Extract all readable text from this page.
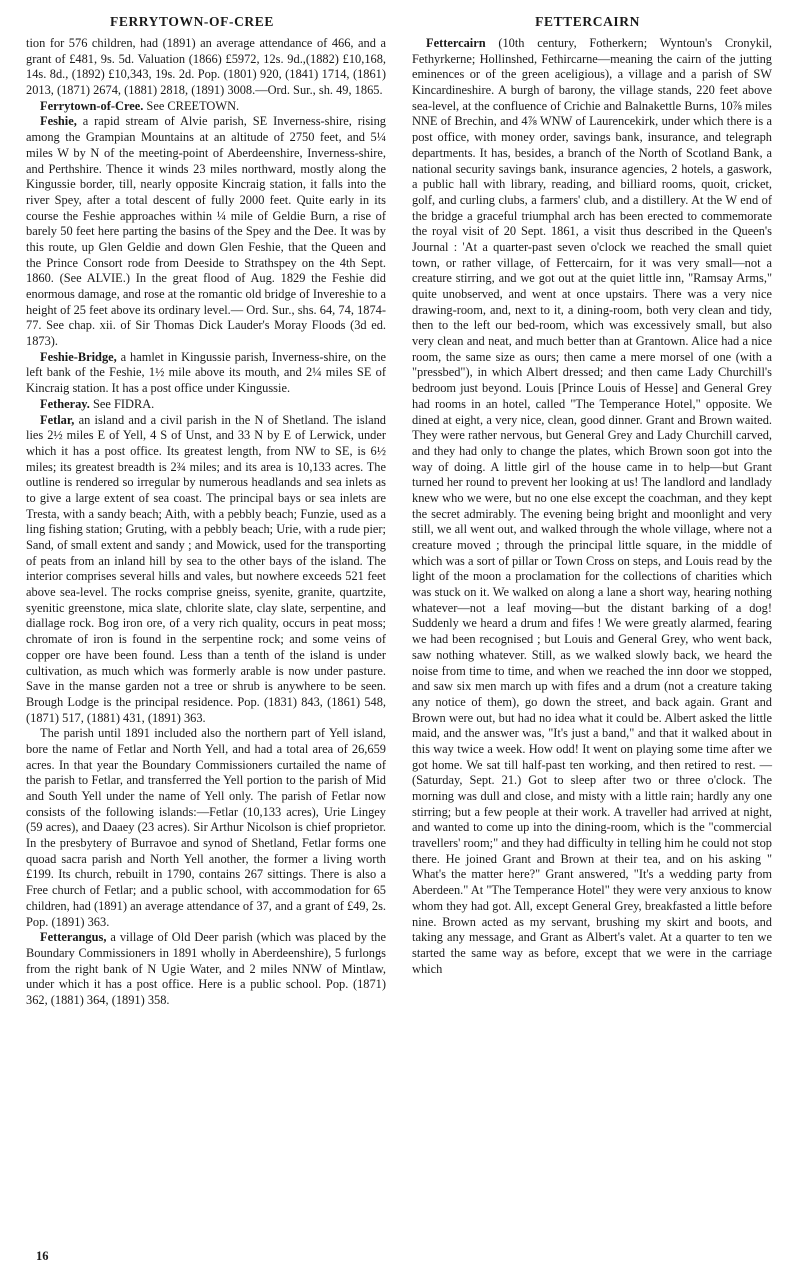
FERRYTOWN-OF-CREE	FETTERCAIRN

tion for 576 children, had (1891) an average attendance of 466, and a grant of £481, 9s. 5d. Valuation (1866) £5972, 12s. 9d.,(1882) £10,168, 14s. 8d., (1892) £10,343, 19s. 2d. Pop. (1801) 920, (1841) 1714, (1861) 2013, (1871) 2674, (1881) 2818, (1891) 3008.—Ord. Sur., sh. 49, 1865.

Ferrytown-of-Cree. See CREETOWN.

Feshie, a rapid stream of Alvie parish, SE Inverness-shire, rising among the Grampian Mountains at an altitude of 2750 feet, and 5¼ miles W by N of the meeting-point of Aberdeenshire, Inverness-shire, and Perthshire. Thence it winds 23 miles northward, mostly along the Kingussie border, till, nearly opposite Kincraig station, it falls into the river Spey, after a total descent of fully 2000 feet. Quite early in its course the Feshie approaches within ¼ mile of Geldie Burn, a rise of barely 50 feet here parting the basins of the Spey and the Dee. It was by this route, up Glen Geldie and down Glen Feshie, that the Queen and the Prince Consort rode from Deeside to Strathspey on the 4th Sept. 1860. (See ALVIE.) In the great flood of Aug. 1829 the Feshie did enormous damage, and rose at the romantic old bridge of Invereshie to a height of 25 feet above its ordinary level.— Ord. Sur., shs. 64, 74, 1874-77. See chap. xii. of Sir Thomas Dick Lauder's Moray Floods (3d ed. 1873).

Feshie-Bridge, a hamlet in Kingussie parish, Inverness-shire, on the left bank of the Feshie, 1½ mile above its mouth, and 2¼ miles SE of Kincraig station. It has a post office under Kingussie.

Fetheray. See FIDRA.

Fetlar, an island and a civil parish in the N of Shetland. The island lies 2½ miles E of Yell, 4 S of Unst, and 33 N by E of Lerwick, under which it has a post office. Its greatest length, from NW to SE, is 6½ miles; its greatest breadth is 2¾ miles; and its area is 10,133 acres. The outline is rendered so irregular by numerous headlands and sea inlets as to give a large extent of sea coast. The principal bays or sea inlets are Tresta, with a sandy beach; Aith, with a pebbly beach; Funzie, used as a ling fishing station; Gruting, with a pebbly beach; Urie, with a rude pier; Sand, of small extent and sandy ; and Mowick, used for the transporting of peats from an inland hill by sea to the other bays of the island. The interior comprises several hills and vales, but nowhere exceeds 521 feet above sea-level. The rocks comprise gneiss, syenite, granite, quartzite, syenitic greenstone, mica slate, chlorite slate, clay slate, serpentine, and diallage rock. Bog iron ore, of a very rich quality, occurs in peat moss; chromate of iron is found in the serpentine rock; and some veins of copper ore have been found. Less than a tenth of the island is under cultivation, as much which was formerly arable is now under pasture. Save in the manse garden not a tree or shrub is anywhere to be seen. Brough Lodge is the principal residence. Pop. (1831) 843, (1861) 548, (1871) 517, (1881) 431, (1891) 363.

The parish until 1891 included also the northern part of Yell island, bore the name of Fetlar and North Yell, and had a total area of 26,659 acres. In that year the Boundary Commissioners curtailed the name of the parish to Fetlar, and transferred the Yell portion to the parish of Mid and South Yell under the name of Yell only. The parish of Fetlar now consists of the following islands:—Fetlar (10,133 acres), Urie Lingey (59 acres), and Daaey (23 acres). Sir Arthur Nicolson is chief proprietor. In the presbytery of Burravoe and synod of Shetland, Fetlar forms one quoad sacra parish and North Yell another, the former a living worth £199. Its church, rebuilt in 1790, contains 267 sittings. There is also a Free church of Fetlar; and a public school, with accommodation for 65 children, had (1891) an average attendance of 37, and a grant of £49, 2s. Pop. (1891) 363.

Fetterangus, a village of Old Deer parish (which was placed by the Boundary Commissioners in 1891 wholly in Aberdeenshire), 5 furlongs from the right bank of N Ugie Water, and 2 miles NNW of Mintlaw, under which it has a post office. Here is a public school. Pop. (1871) 362, (1881) 364, (1891) 358.

Fettercairn (10th century, Fotherkern; Wyntoun's Cronykil, Fethyrkerne; Hollinshed, Fethircarne—meaning the cairn of the jutting eminences or of the green aceligious), a village and a parish of SW Kincardineshire. A burgh of barony, the village stands, 220 feet above sea-level, at the confluence of Crichie and Balnakettle Burns, 10⅞ miles NNE of Brechin, and 4⅞ WNW of Laurencekirk, under which there is a post office, with money order, savings bank, insurance, and telegraph departments. It has, besides, a branch of the North of Scotland Bank, a national security savings bank, insurance agencies, 2 hotels, a gaswork, a public hall with library, reading, and billiard rooms, quoit, cricket, golf, and curling clubs, a farmers' club, and a distillery. At the W end of the bridge a graceful triumphal arch has been erected to commemorate the royal visit of 20 Sept. 1861, a visit thus described in the Queen's Journal : 'At a quarter-past seven o'clock we reached the small quiet town, or rather village, of Fettercairn, for it was very small—not a creature stirring, and we got out at the quiet little inn, "Ramsay Arms," quite unobserved, and went at once upstairs. There was a very nice drawing-room, and, next to it, a dining-room, both very clean and tidy, then to the left our bed-room, which was excessively small, but also very clean and neat, and much better than at Grantown. Alice had a nice room, the same size as ours; then came a mere morsel of one (with a "pressbed"), in which Albert dressed; and then came Lady Churchill's bedroom just beyond. Louis [Prince Louis of Hesse] and General Grey had rooms in an hotel, called "The Temperance Hotel," opposite. We dined at eight, a very nice, clean, good dinner. Grant and Brown waited. They were rather nervous, but General Grey and Lady Churchill carved, and they had only to change the plates, which Brown soon got into the way of doing. A little girl of the house came in to help—but Grant turned her round to prevent her looking at us! The landlord and landlady knew who we were, but no one else except the coachman, and they kept the secret admirably. The evening being bright and moonlight and very still, we all went out, and walked through the whole village, where not a creature moved ; through the principal little square, in the middle of which was a sort of pillar or Town Cross on steps, and Louis read by the light of the moon a proclamation for the collections of charities which was stuck on it. We walked on along a lane a short way, hearing nothing whatever—not a leaf moving—but the distant barking of a dog! Suddenly we heard a drum and fifes ! We were greatly alarmed, fearing we had been recognised ; but Louis and General Grey, who went back, saw nothing whatever. Still, as we walked slowly back, we heard the noise from time to time, and when we reached the inn door we stopped, and saw six men march up with fifes and a drum (not a creature taking any notice of them), go down the street, and back again. Grant and Brown were out, but had no idea what it could be. Albert asked the little maid, and the answer was, "It's just a band," and that it walked about in this way twice a week. How odd! It went on playing some time after we got home. We sat till half-past ten working, and then retired to rest. —(Saturday, Sept. 21.) Got to sleep after two or three o'clock. The morning was dull and close, and misty with a little rain; hardly any one stirring; but a few people at their work. A traveller had arrived at night, and wanted to come up into the dining-room, which is the "commercial travellers' room;" and they had difficulty in telling him he could not stop there. He joined Grant and Brown at their tea, and on his asking " What's the matter here?" Grant answered, "It's a wedding party from Aberdeen." At "The Temperance Hotel" they were very anxious to know whom they had got. All, except General Grey, breakfasted a little before nine. Brown acted as my servant, brushing my skirt and boots, and taking any message, and Grant as Albert's valet. At a quarter to ten we started the same way as before, except that we were in the carriage which

16
